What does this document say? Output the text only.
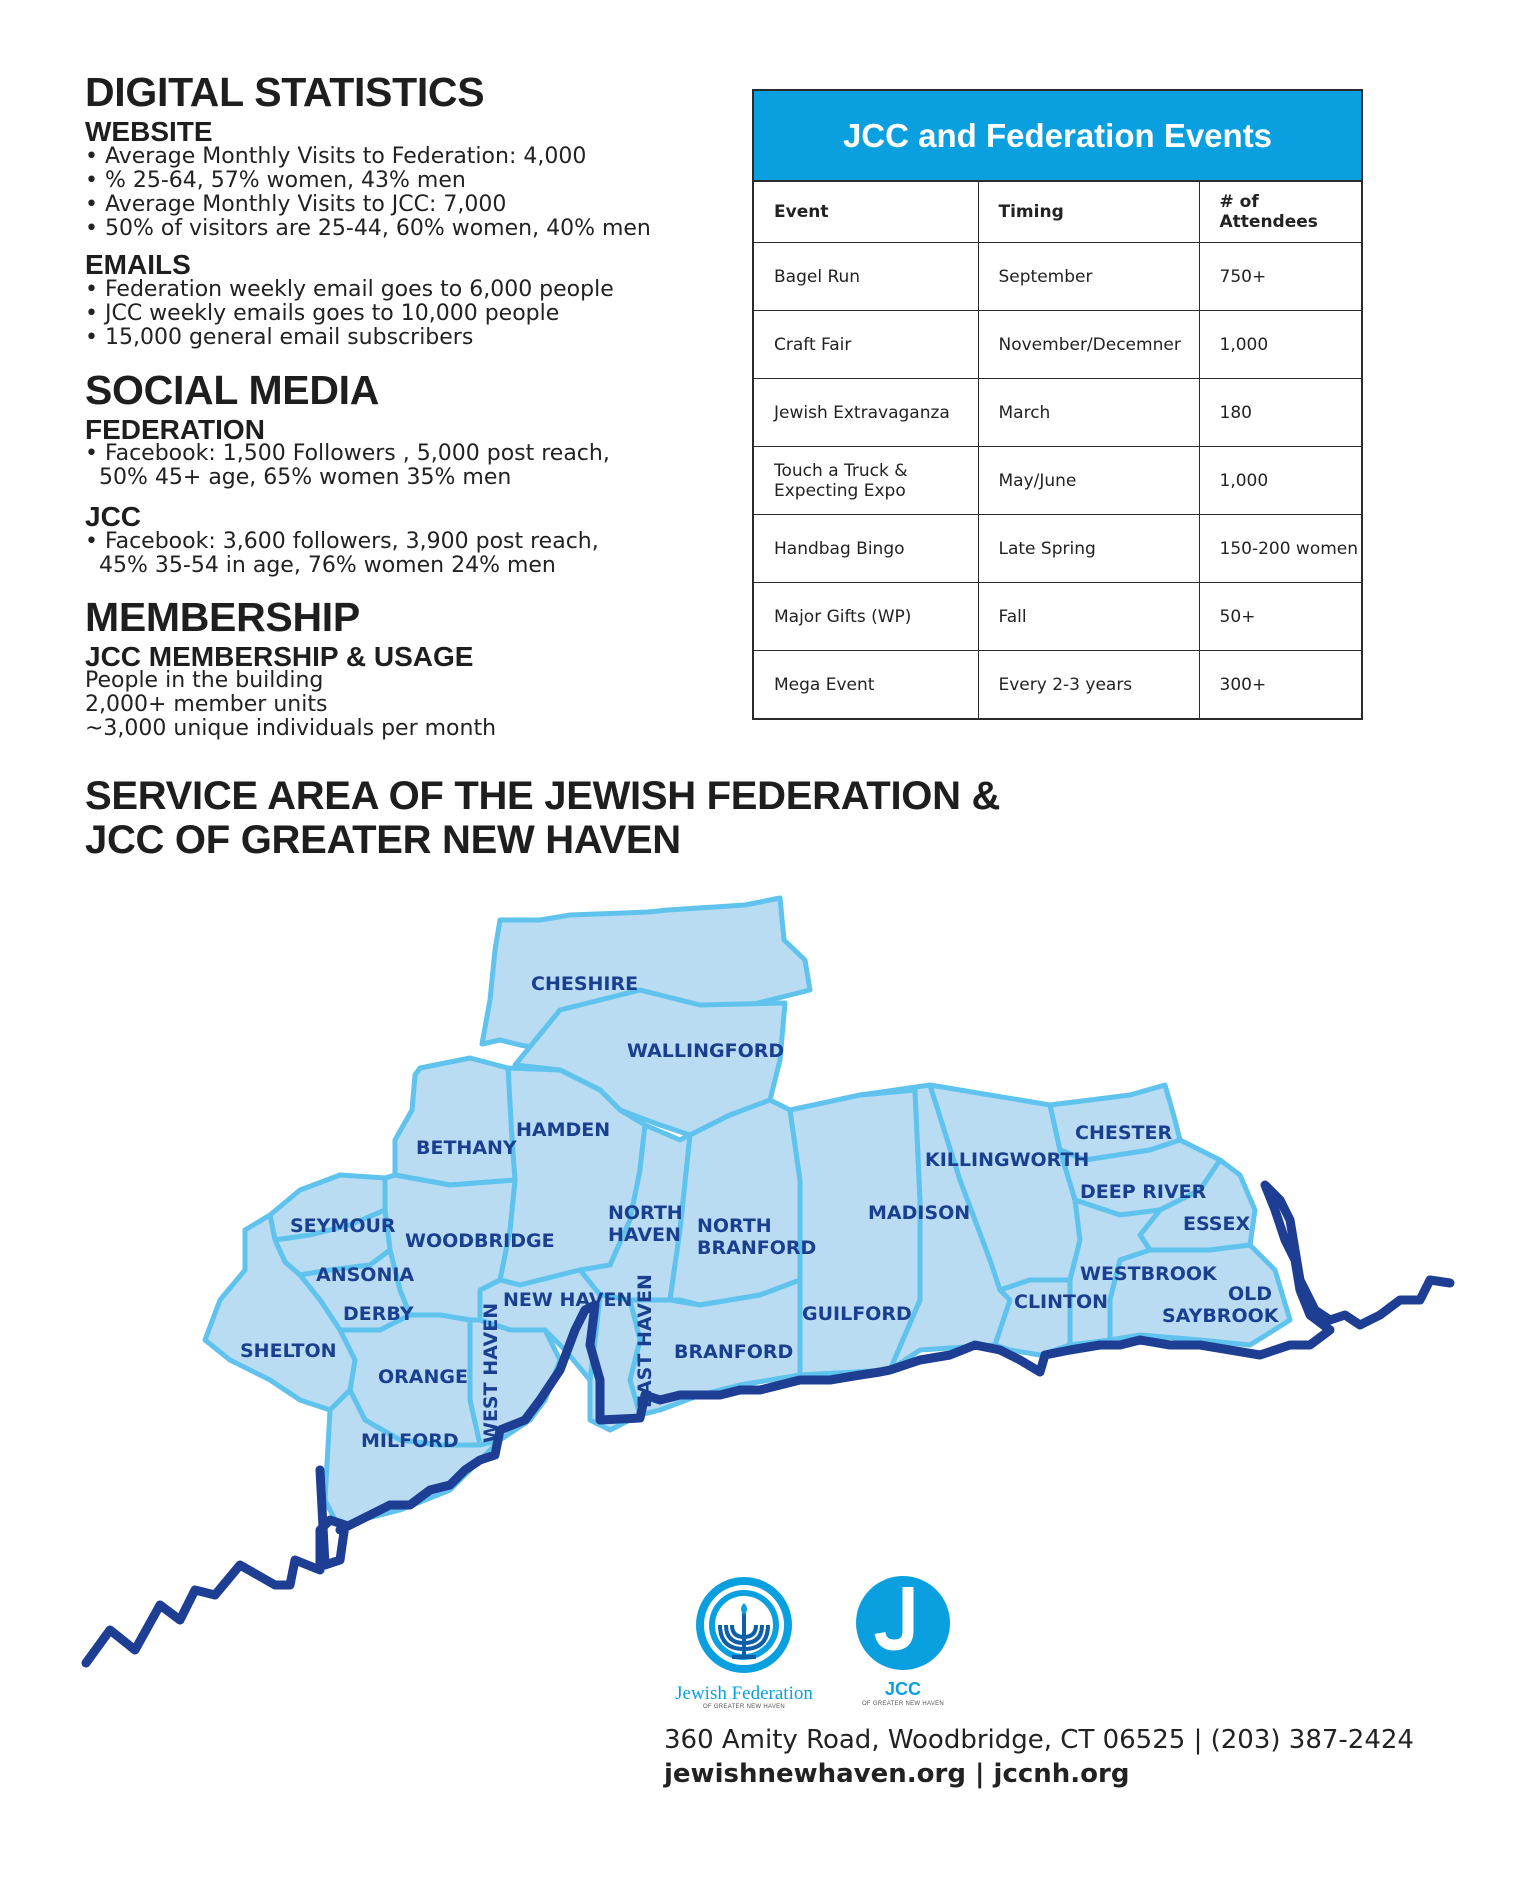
DIGITAL STATISTICS
WEBSITE
• Average Monthly Visits to Federation: 4,000
• % 25-64, 57% women, 43% men
• Average Monthly Visits to JCC: 7,000
• 50% of visitors are 25-44, 60% women, 40% men
EMAILS
• Federation weekly email goes to 6,000 people
• JCC weekly emails goes to 10,000 people
• 15,000 general email subscribers
SOCIAL MEDIA
FEDERATION
• Facebook: 1,500 Followers , 5,000 post reach,
50% 45+ age, 65% women 35% men
JCC
• Facebook: 3,600 followers, 3,900 post reach,
45% 35-54 in age, 76% women 24% men
MEMBERSHIP
JCC MEMBERSHIP & USAGE
People in the building
2,000+ member units
~3,000 unique individuals per month
JCC and Federation Events
Event	Timing	# of Attendees
Bagel Run	September	750+
Craft Fair	November/Decemner	1,000
Jewish Extravaganza	March	180
Touch a Truck & Expecting Expo	May/June	1,000
Handbag Bingo	Late Spring	150-200 women
Major Gifts (WP)	Fall	50+
Mega Event	Every 2-3 years	300+
SERVICE AREA OF THE JEWISH FEDERATION &
JCC OF GREATER NEW HAVEN
CHESHIRE
WALLINGFORD
HAMDEN
BETHANY
CHESTER
KILLINGWORTH
DEEP RIVER
SEYMOUR
WOODBRIDGE
NORTH
HAVEN NORTH
BRANFORD
MADISON	ESSEX
ANSONIA	WESTBROOK
NEW HAVEN	CLINTON	OLD
SAYBROOK
DERBY	GUILFORD
SHELTON	BRANFORD
ORANGE
MILFORD WEST HAVEN	EAST HAVEN
Jewish Federation
OF GREATER NEW HAVEN
JCC
OF GREATER NEW HAVEN
360 Amity Road, Woodbridge, CT 06525 | (203) 387-2424
jewishnewhaven.org | jccnh.org
